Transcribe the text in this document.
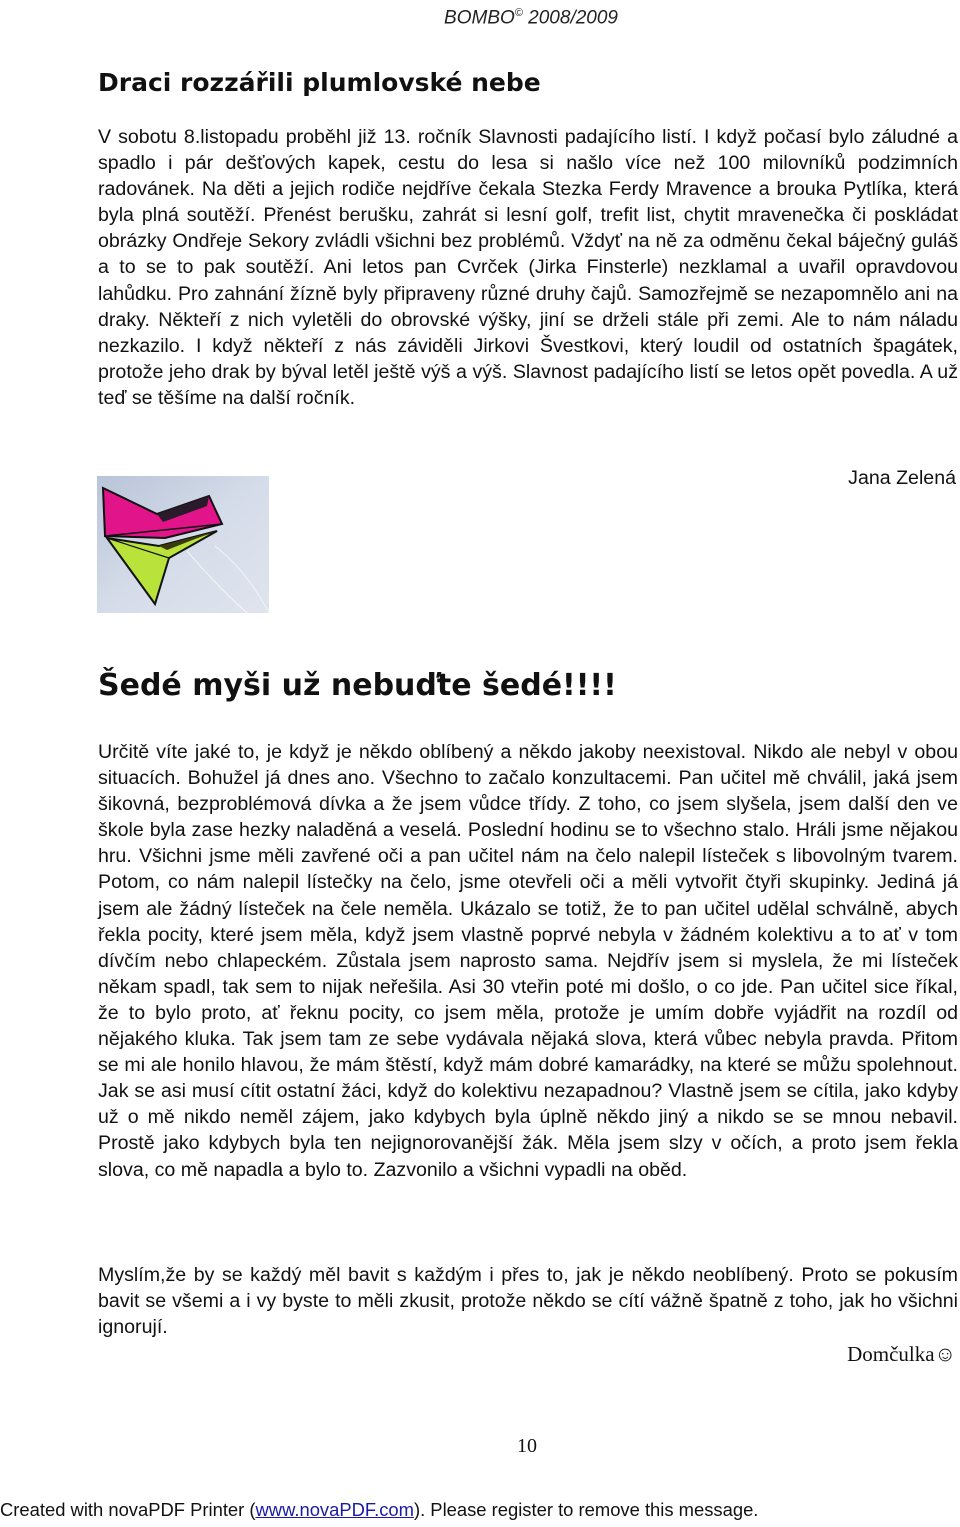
BOMBO© 2008/2009
Draci rozzářili plumlovské nebe

V sobotu 8.listopadu proběhl již 13. ročník Slavnosti padajícího listí. I když počasí bylo záludné a spadlo i pár dešťových kapek, cestu do lesa si našlo více než 100 milovníků podzimních radovánek. Na děti a jejich rodiče nejdříve čekala Stezka Ferdy Mravence a brouka Pytlíka, která byla plná soutěží. Přenést berušku, zahrát si lesní golf, trefit list, chytit mravenečka či poskládat obrázky Ondřeje Sekory zvládli všichni bez problémů. Vždyť na ně za odměnu čekal báječný guláš a to se to pak soutěží. Ani letos pan Cvrček (Jirka Finsterle) nezklamal a uvařil opravdovou lahůdku. Pro zahnání žízně byly připraveny různé druhy čajů. Samozřejmě se nezapomnělo ani na draky. Někteří z nich vyletěli do obrovské výšky, jiní se drželi stále při zemi. Ale to nám náladu nezkazilo. I když někteří z nás záviděli Jirkovi Švestkovi, který loudil od ostatních špagátek, protože jeho drak by býval letěl ještě výš a výš. Slavnost padajícího listí se letos opět povedla. A už teď se těšíme na další ročník.

Jana Zelená
Šedé myši už nebuďte šedé!!!!

Určitě víte jaké to, je když je někdo oblíbený a někdo jakoby neexistoval. Nikdo ale nebyl v obou situacích. Bohužel já dnes ano. Všechno to začalo konzultacemi. Pan učitel mě chválil, jaká jsem šikovná, bezproblémová dívka a že jsem vůdce třídy. Z toho, co jsem slyšela, jsem další den ve škole byla zase hezky naladěná a veselá. Poslední hodinu se to všechno stalo. Hráli jsme nějakou hru. Všichni jsme měli zavřené oči a pan učitel nám na čelo nalepil lísteček s libovolným tvarem. Potom, co nám nalepil lístečky na čelo, jsme otevřeli oči a měli vytvořit čtyři skupinky. Jediná já jsem ale žádný lísteček na čele neměla. Ukázalo se totiž, že to pan učitel udělal schválně, abych řekla pocity, které jsem měla, když jsem vlastně poprvé nebyla v žádném kolektivu a to ať v tom dívčím nebo chlapeckém. Zůstala jsem naprosto sama. Nejdřív jsem si myslela, že mi lísteček někam spadl, tak sem to nijak neřešila. Asi 30 vteřin poté mi došlo, o co jde. Pan učitel sice říkal, že to bylo proto, ať řeknu pocity, co jsem měla, protože je umím dobře vyjádřit na rozdíl od nějakého kluka. Tak jsem tam ze sebe vydávala nějaká slova, která vůbec nebyla pravda. Přitom se mi ale honilo hlavou, že mám štěstí, když mám dobré kamarádky, na které se můžu spolehnout. Jak se asi musí cítit ostatní žáci, když do kolektivu nezapadnou? Vlastně jsem se cítila, jako kdyby už o mě nikdo neměl zájem, jako kdybych byla úplně někdo jiný a nikdo se se mnou nebavil. Prostě jako kdybych byla ten nejignorovanější žák. Měla jsem slzy v očích, a proto jsem řekla slova, co mě napadla a bylo to. Zazvonilo a všichni vypadli na oběd.

Myslím,že by se každý měl bavit s každým i přes to, jak je někdo neoblíbený. Proto se pokusím bavit se všemi a i vy byste to měli zkusit, protože někdo se cítí vážně špatně z toho, jak ho všichni ignorují.

Domčulka☺
10
Created with novaPDF Printer (www.novaPDF.com). Please register to remove this message.
